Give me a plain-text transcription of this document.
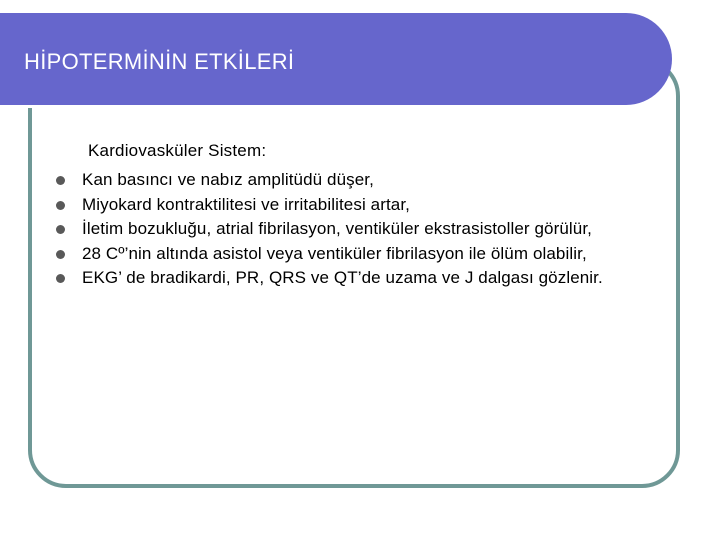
HİPOTERMİNİN ETKİLERİ
Kardiovasküler Sistem:
Kan basıncı ve nabız amplitüdü düşer,
Miyokard kontraktilitesi ve irritabilitesi artar,
İletim bozukluğu, atrial fibrilasyon, ventiküler ekstrasistoller görülür,
28 Cº’nin altında asistol veya ventiküler fibrilasyon ile ölüm olabilir,
EKG’ de bradikardi, PR, QRS ve QT’de uzama ve J dalgası gözlenir.
